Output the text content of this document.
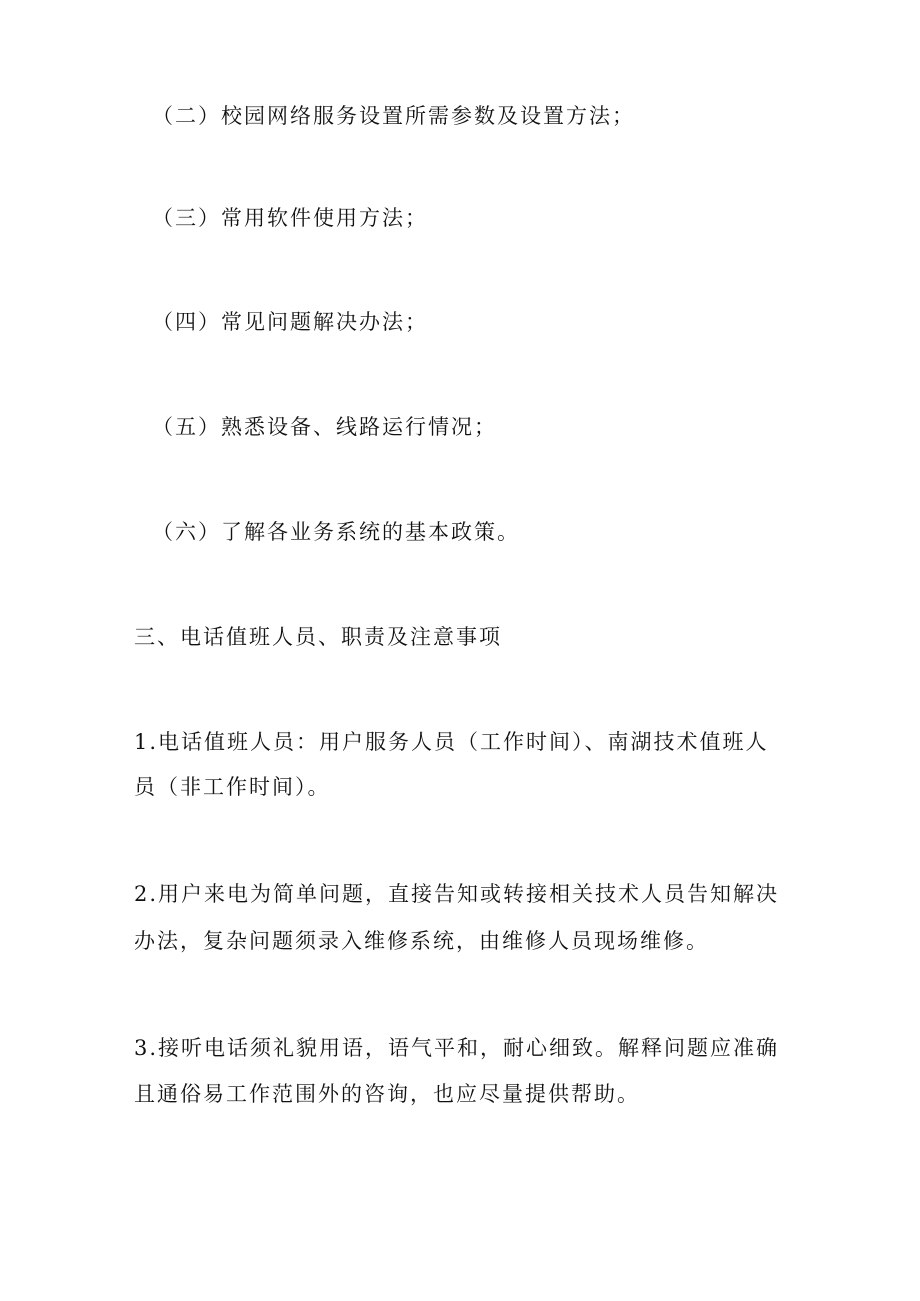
（二）校园网络服务设置所需参数及设置方法；

（三）常用软件使用方法；

（四）常见问题解决办法；

（五）熟悉设备、线路运行情况；

（六）了解各业务系统的基本政策。

三、电话值班人员、职责及注意事项

1.电话值班人员：用户服务人员（工作时间）、南湖技术值班人

员（非工作时间）。

2.用户来电为简单问题，直接告知或转接相关技术人员告知解决

办法，复杂问题须录入维修系统，由维修人员现场维修。

3.接听电话须礼貌用语，语气平和，耐心细致。解释问题应准确

且通俗易工作范围外的咨询，也应尽量提供帮助。
